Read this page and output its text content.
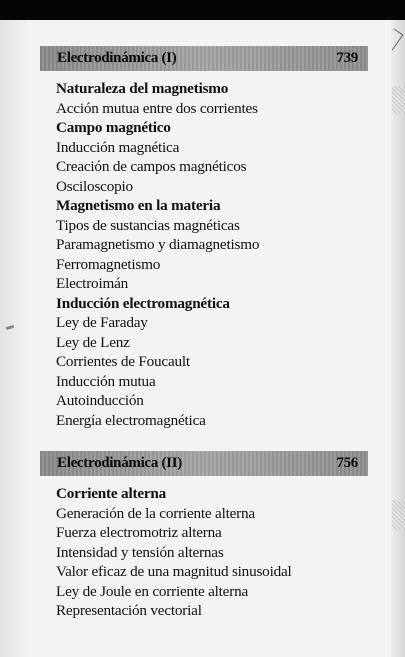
Electrodinámica (I)	739
Naturaleza del magnetismo
Acción mutua entre dos corrientes
Campo magnético
Inducción magnética
Creación de campos magnéticos
Osciloscopio
Magnetismo en la materia
Tipos de sustancias magnéticas
Paramagnetismo y diamagnetismo
Ferromagnetismo
Electroimán
Inducción electromagnética
Ley de Faraday
Ley de Lenz
Corrientes de Foucault
Inducción mutua
Autoinducción
Energía electromagnética
Electrodinámica (II)	756
Corriente alterna
Generación de la corriente alterna
Fuerza electromotriz alterna
Intensidad y tensión alternas
Valor eficaz de una magnitud sinusoidal
Ley de Joule en corriente alterna
Representación vectorial
